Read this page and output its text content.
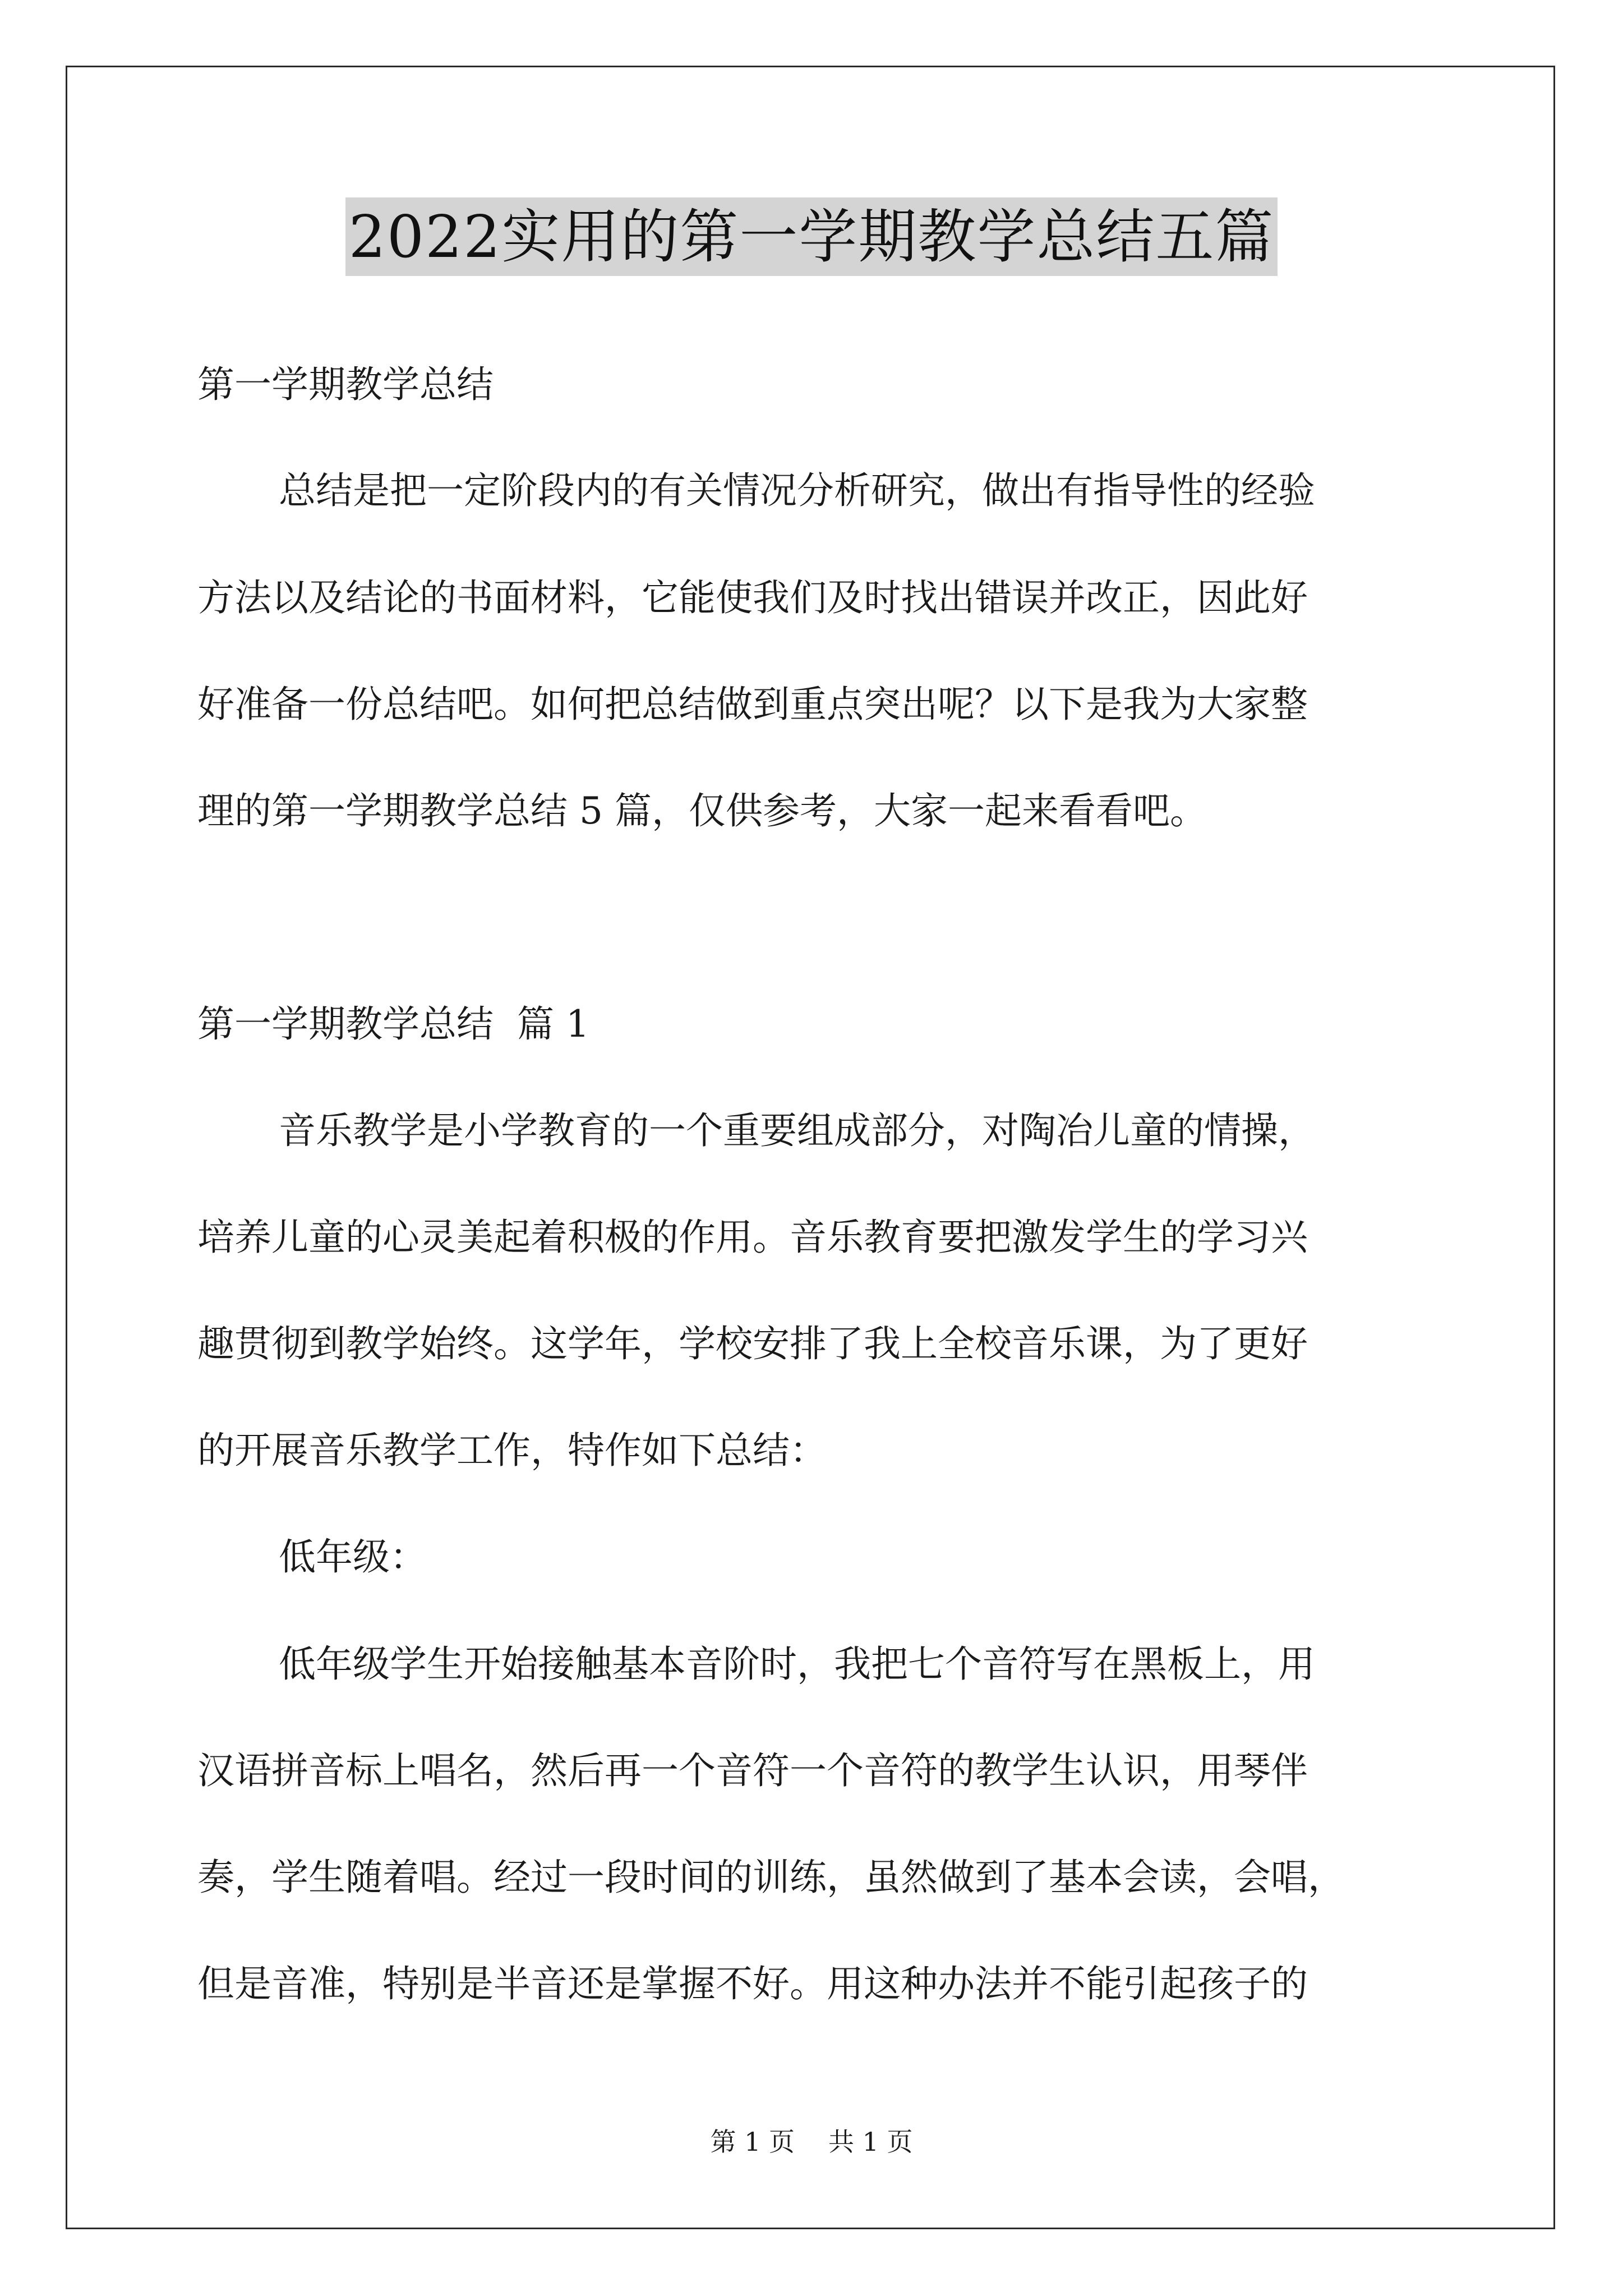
2022实用的第一学期教学总结五篇
第一学期教学总结
总结是把一定阶段内的有关情况分析研究，做出有指导性的经验
方法以及结论的书面材料，它能使我们及时找出错误并改正，因此好
好准备一份总结吧。如何把总结做到重点突出呢？以下是我为大家整
理的第一学期教学总结 5 篇，仅供参考，大家一起来看看吧。
第一学期教学总结  篇 1
音乐教学是小学教育的一个重要组成部分，对陶冶儿童的情操，
培养儿童的心灵美起着积极的作用。音乐教育要把激发学生的学习兴
趣贯彻到教学始终。这学年，学校安排了我上全校音乐课，为了更好
的开展音乐教学工作，特作如下总结：
低年级：
低年级学生开始接触基本音阶时，我把七个音符写在黑板上，用
汉语拼音标上唱名，然后再一个音符一个音符的教学生认识，用琴伴
奏，学生随着唱。经过一段时间的训练，虽然做到了基本会读，会唱，
但是音准，特别是半音还是掌握不好。用这种办法并不能引起孩子的
第 1 页 共 1 页
